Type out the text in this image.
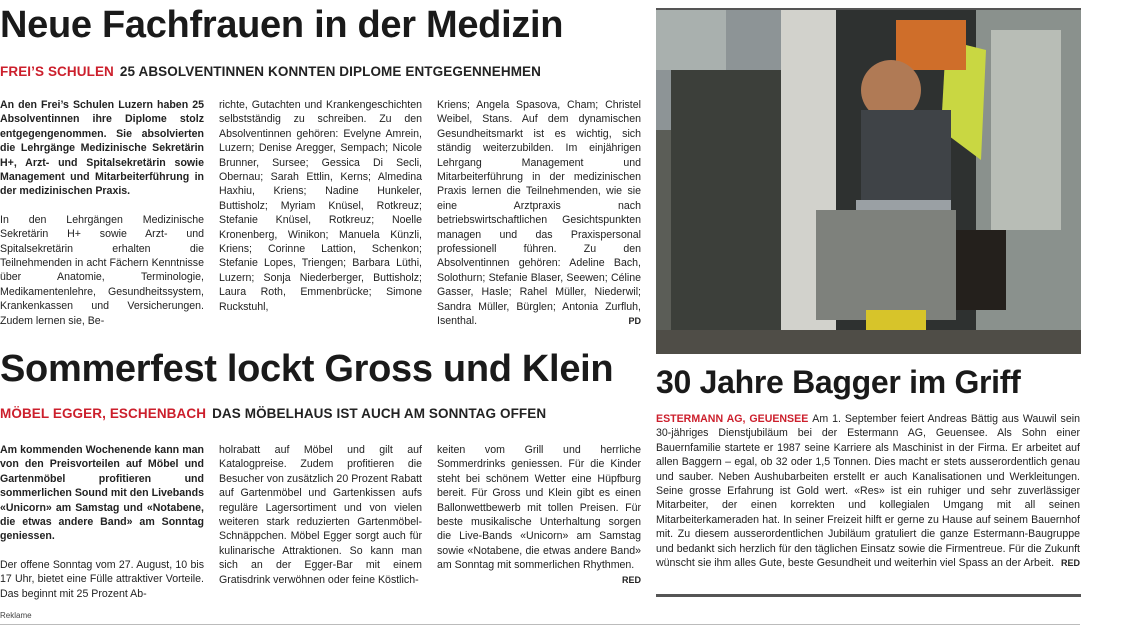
Neue Fachfrauen in der Medizin
FREI’S SCHULEN 25 ABSOLVENTINNEN KONNTEN DIPLOME ENTGEGENNEHMEN

An den Frei’s Schulen Luzern haben 25 Absolventinnen ihre Diplome stolz entgegengenommen. Sie absolvierten die Lehrgänge Medizinische Sekretärin H+, Arzt- und Spitalsekretärin sowie Management und Mitarbeiterführung in der medizinischen Praxis.

In den Lehrgängen Medizinische Sekretärin H+ sowie Arzt- und Spitalsekretärin erhalten die Teilnehmenden in acht Fächern Kenntnisse über Anatomie, Terminologie, Medikamentenlehre, Gesundheitssystem, Krankenkassen und Versicherungen. Zudem lernen sie, Be-

richte, Gutachten und Krankengeschichten selbstständig zu schreiben. Zu den Absolventinnen gehören: Evelyne Amrein, Luzern; Denise Aregger, Sempach; Nicole Brunner, Sursee; Gessica Di Secli, Obernau; Sarah Ettlin, Kerns; Almedina Haxhiu, Kriens; Nadine Hunkeler, Buttisholz; Myriam Knüsel, Rotkreuz; Stefanie Knüsel, Rotkreuz; Noelle Kronenberg, Winikon; Manuela Künzli, Kriens; Corinne Lattion, Schenkon; Stefanie Lopes, Triengen; Barbara Lüthi, Luzern; Sonja Niederberger, Buttisholz; Laura Roth, Emmenbrücke; Simone Ruckstuhl,

Kriens; Angela Spasova, Cham; Christel Weibel, Stans. Auf dem dynamischen Gesundheitsmarkt ist es wichtig, sich ständig weiterzubilden. Im einjährigen Lehrgang Management und Mitarbeiterführung in der medizinischen Praxis lernen die Teilnehmenden, wie sie eine Arztpraxis nach betriebswirtschaftlichen Gesichtspunkten managen und das Praxispersonal professionell führen. Zu den Absolventinnen gehören: Adeline Bach, Solothurn; Stefanie Blaser, Seewen; Céline Gasser, Hasle; Rahel Müller, Niederwil; Sandra Müller, Bürglen; Antonia Zurfluh, Isenthal.	PD

Sommerfest lockt Gross und Klein
MÖBEL EGGER, ESCHENBACH DAS MÖBELHAUS IST AUCH AM SONNTAG OFFEN

Am kommenden Wochenende kann man von den Preisvorteilen auf Möbel und Gartenmöbel profitieren und sommerlichen Sound mit den Livebands «Unicorn» am Samstag und «Notabene, die etwas andere Band» am Sonntag geniessen.

Der offene Sonntag vom 27. August, 10 bis 17 Uhr, bietet eine Fülle attraktiver Vorteile. Das beginnt mit 25 Prozent Ab-

holrabatt auf Möbel und gilt auf Katalogpreise. Zudem profitieren die Besucher von zusätzlich 20 Prozent Rabatt auf Gartenmöbel und Gartenkissen aufs reguläre Lagersortiment und von vielen weiteren stark reduzierten Gartenmöbel-Schnäppchen. Möbel Egger sorgt auch für kulinarische Attraktionen. So kann man sich an der Egger-Bar mit einem Gratisdrink verwöhnen oder feine Köstlich-

keiten vom Grill und herrliche Sommerdrinks geniessen. Für die Kinder steht bei schönem Wetter eine Hüpfburg bereit. Für Gross und Klein gibt es einen Ballonwettbewerb mit tollen Preisen. Für beste musikalische Unterhaltung sorgen die Live-Bands «Unicorn» am Samstag sowie «Notabene, die etwas andere Band» am Sonntag mit sommerlichen Rhythmen.
RED

30 Jahre Bagger im Griff
ESTERMANN AG, GEUENSEE Am 1. September feiert Andreas Bättig aus Wauwil sein 30-jähriges Dienstjubiläum bei der Estermann AG, Geuensee. Als Sohn einer Bauernfamilie startete er 1987 seine Karriere als Maschinist in der Firma. Er arbeitet auf allen Baggern – egal, ob 32 oder 1,5 Tonnen. Dies macht er stets ausserordentlich genau und sauber. Neben Aushubarbeiten erstellt er auch Kanalisationen und Werkleitungen. Seine grosse Erfahrung ist Gold wert. «Res» ist ein ruhiger und sehr zuverlässiger Mitarbeiter, der einen korrekten und kollegialen Umgang mit all seinen Mitarbeiterkameraden hat. In seiner Freizeit hilft er gerne zu Hause auf seinem Bauernhof mit. Zu diesem ausserordentlichen Jubiläum gratuliert die ganze Estermann-Baugruppe und bedankt sich herzlich für den täglichen Einsatz sowie die Firmentreue. Für die Zukunft wünscht sie ihm alles Gute, beste Gesundheit und weiterhin viel Spass an der Arbeit. RED
Reklame
